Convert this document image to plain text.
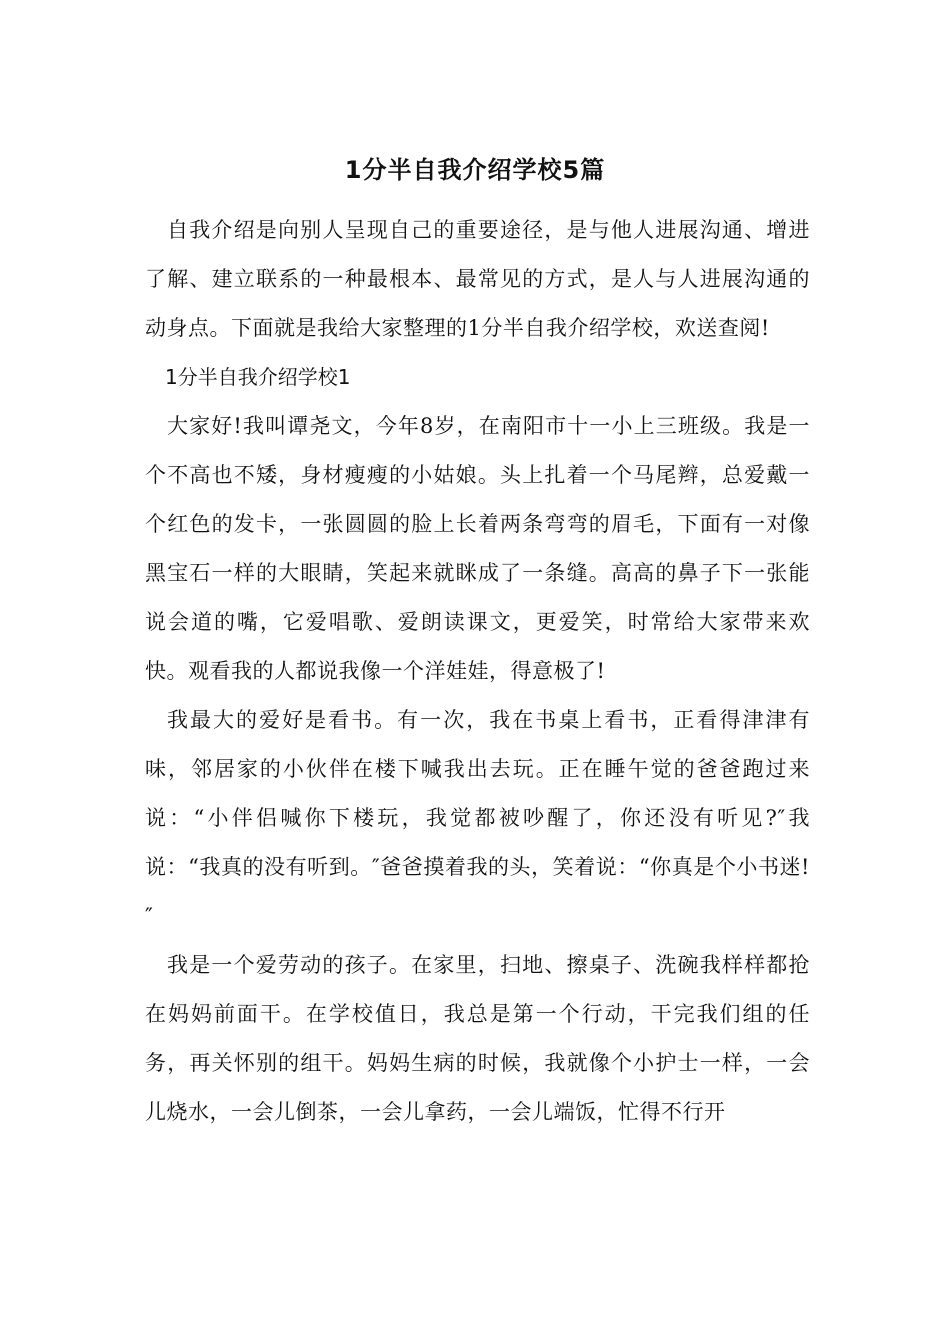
1分半自我介绍学校5篇

自我介绍是向别人呈现自己的重要途径，是与他人进展沟通、增进了解、建立联系的一种最根本、最常见的方式，是人与人进展沟通的动身点。下面就是我给大家整理的1分半自我介绍学校，欢送查阅!

1分半自我介绍学校1

大家好!我叫谭尧文，今年8岁，在南阳市十一小上三班级。我是一个不高也不矮，身材瘦瘦的小姑娘。头上扎着一个马尾辫，总爱戴一个红色的发卡，一张圆圆的脸上长着两条弯弯的眉毛，下面有一对像黑宝石一样的大眼睛，笑起来就眯成了一条缝。高高的鼻子下一张能说会道的嘴，它爱唱歌、爱朗读课文，更爱笑，时常给大家带来欢快。观看我的人都说我像一个洋娃娃，得意极了!

我最大的爱好是看书。有一次，我在书桌上看书，正看得津津有味，邻居家的小伙伴在楼下喊我出去玩。正在睡午觉的爸爸跑过来说：“小伴侣喊你下楼玩，我觉都被吵醒了，你还没有听见?″我说：“我真的没有听到。″爸爸摸着我的头，笑着说：“你真是个小书迷!″

我是一个爱劳动的孩子。在家里，扫地、擦桌子、洗碗我样样都抢在妈妈前面干。在学校值日，我总是第一个行动，干完我们组的任务，再关怀别的组干。妈妈生病的时候，我就像个小护士一样，一会儿烧水，一会儿倒茶，一会儿拿药，一会儿端饭，忙得不行开
